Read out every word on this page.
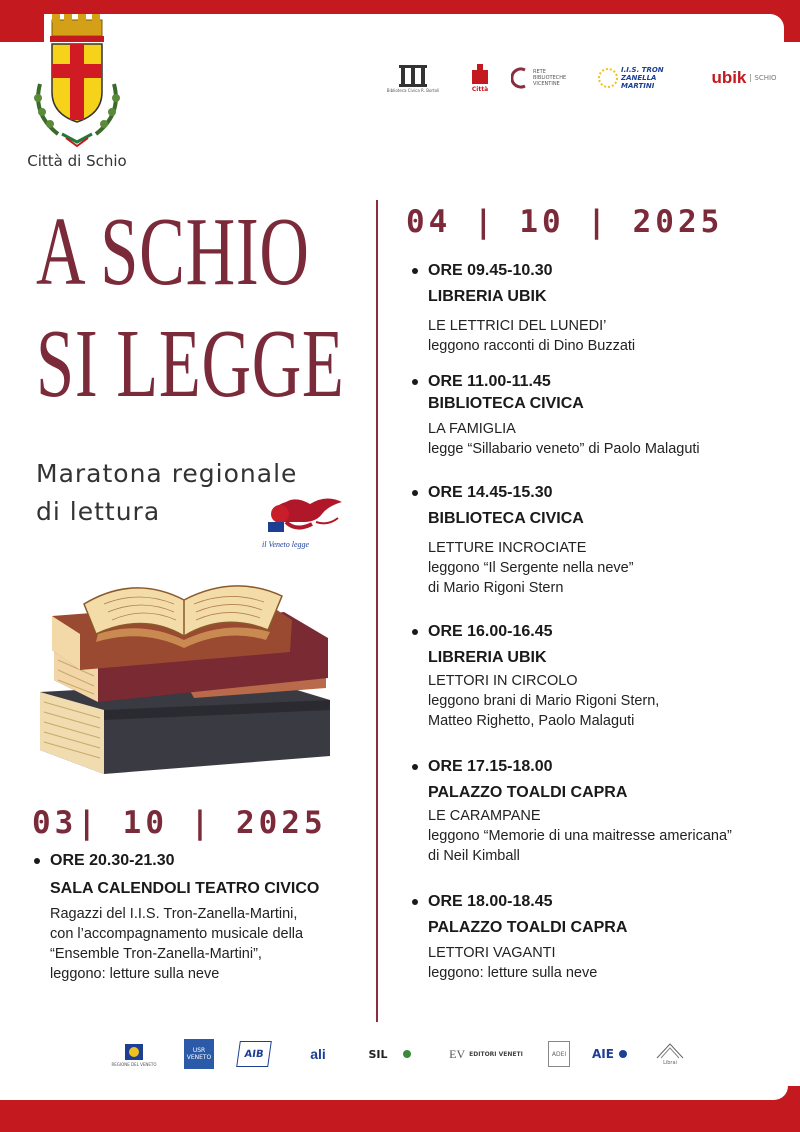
Città di Schio
Biblioteca Civica R. Bortoli	Città
RETE BIBLIOTECHE VICENTINE
I.I.S. TRON ZANELLA MARTINI	ubik	SCHIO
A SCHIO
SI LEGGE
Maratona regionale
di lettura
il Veneto legge
04 | 10 | 2025
03| 10 | 2025
ORE 20.30-21.30
SALA CALENDOLI TEATRO CIVICO
Ragazzi del I.I.S. Tron-Zanella-Martini,
con l’accompagnamento musicale della
“Ensemble Tron-Zanella-Martini”,
leggono: letture sulla neve
ORE 09.45-10.30
LIBRERIA UBIK
LE LETTRICI DEL LUNEDI’
leggono racconti di Dino Buzzati
ORE 11.00-11.45
BIBLIOTECA CIVICA
LA FAMIGLIA
legge “Sillabario veneto” di Paolo Malaguti
ORE 14.45-15.30
BIBLIOTECA CIVICA
LETTURE INCROCIATE
leggono “Il Sergente nella neve”
di Mario Rigoni Stern
ORE 16.00-16.45
LIBRERIA UBIK
LETTORI IN CIRCOLO
leggono brani di Mario Rigoni Stern,
Matteo Righetto, Paolo Malaguti
ORE 17.15-18.00
PALAZZO TOALDI CAPRA
LE CARAMPANE
leggono “Memorie di una maitresse americana”
di Neil Kimball
ORE 18.00-18.45
PALAZZO TOALDI CAPRA
LETTORI VAGANTI
leggono: letture sulla neve
REGIONE DEL VENETO
USR VENETO	AIB	ali	SIL	EV EDITORI VENETI	ADEI	AIE
Librai
